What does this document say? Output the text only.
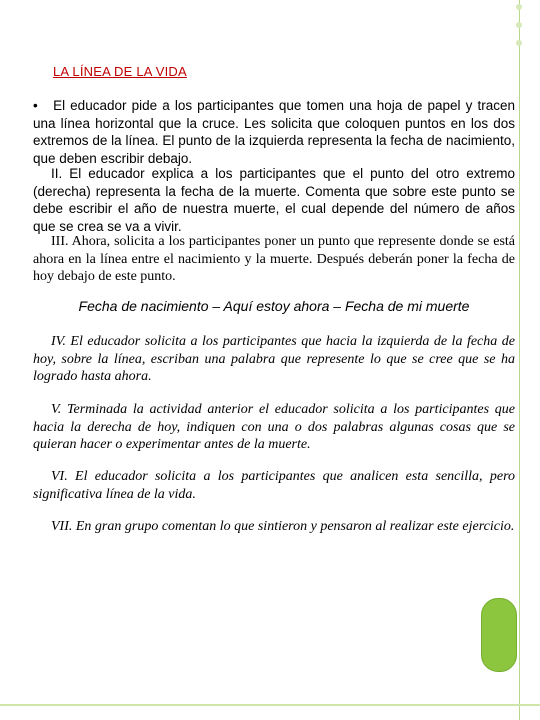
LA LÍNEA DE LA VIDA

• El educador pide a los participantes que tomen una hoja de papel y tracen una línea horizontal que la cruce. Les solicita que coloquen puntos en los dos extremos de la línea. El punto de la izquierda representa la fecha de nacimiento, que deben escribir debajo.

II. El educador explica a los participantes que el punto del otro extremo (derecha) representa la fecha de la muerte. Comenta que sobre este punto se debe escribir el año de nuestra muerte, el cual depende del número de años que se crea se va a vivir.

III. Ahora, solicita a los participantes poner un punto que represente donde se está ahora en la línea entre el nacimiento y la muerte. Después deberán poner la fecha de hoy debajo de este punto.

Fecha de nacimiento – Aquí estoy ahora – Fecha de mi muerte

IV. El educador solicita a los participantes que hacia la izquierda de la fecha de hoy, sobre la línea, escriban una palabra que represente lo que se cree que se ha logrado hasta ahora.

V. Terminada la actividad anterior el educador solicita a los participantes que hacia la derecha de hoy, indiquen con una o dos palabras algunas cosas que se quieran hacer o experimentar antes de la muerte.

VI. El educador solicita a los participantes que analicen esta sencilla, pero significativa línea de la vida.

VII. En gran grupo comentan lo que sintieron y pensaron al realizar este ejercicio.
